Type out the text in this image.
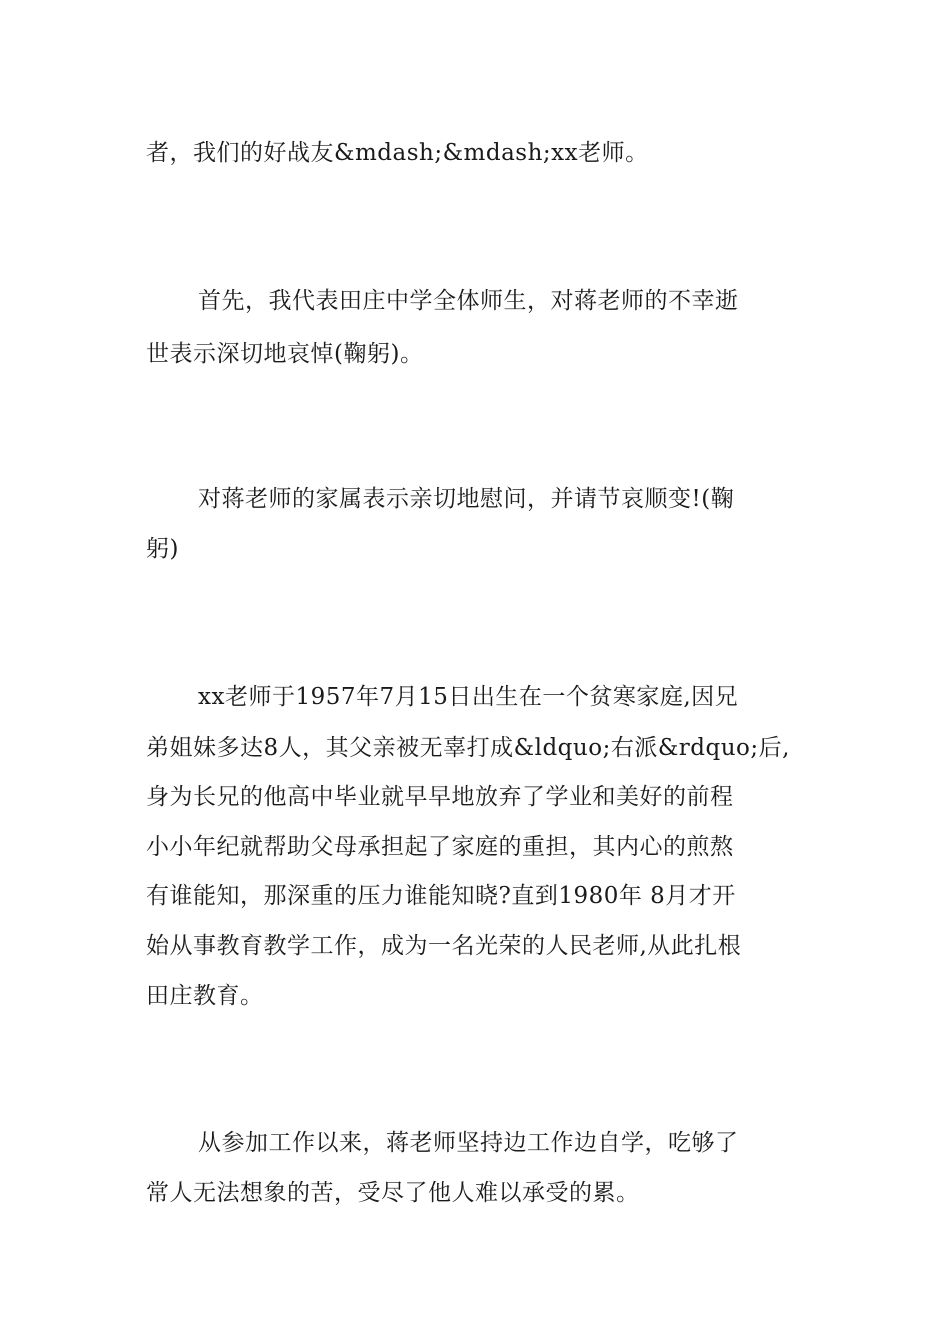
者，我们的好战友&mdash;&mdash;xx老师。
首先，我代表田庄中学全体师生，对蒋老师的不幸逝
世表示深切地哀悼(鞠躬)。
对蒋老师的家属表示亲切地慰问，并请节哀顺变!(鞠
躬)
xx老师于1957年7月15日出生在一个贫寒家庭,因兄
弟姐妹多达8人，其父亲被无辜打成&ldquo;右派&rdquo;后,
身为长兄的他高中毕业就早早地放弃了学业和美好的前程
小小年纪就帮助父母承担起了家庭的重担，其内心的煎熬
有谁能知，那深重的压力谁能知晓?直到1980年 8月才开
始从事教育教学工作，成为一名光荣的人民老师,从此扎根
田庄教育。
从参加工作以来，蒋老师坚持边工作边自学，吃够了
常人无法想象的苦，受尽了他人难以承受的累。
